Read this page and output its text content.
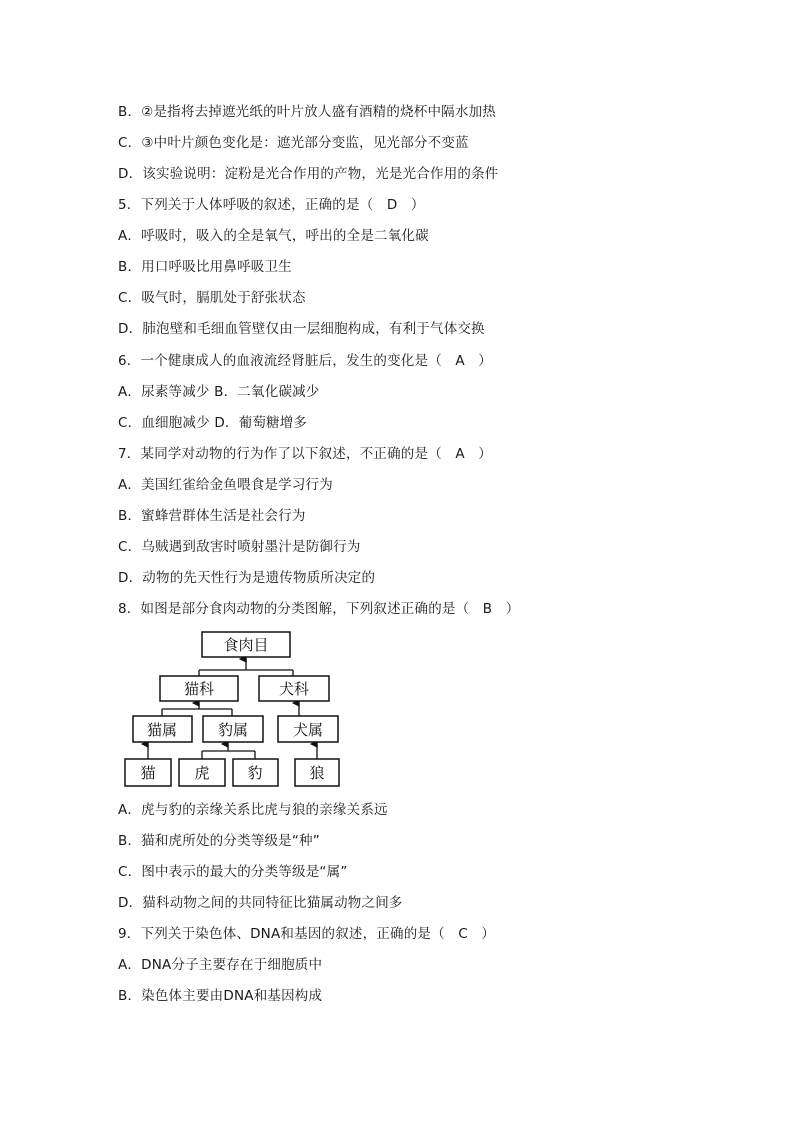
B．②是指将去掉遮光纸的叶片放人盛有酒精的烧杯中隔水加热
C．③中叶片颜色变化是：遮光部分变监，见光部分不变蓝
D．该实验说明：淀粉是光合作用的产物，光是光合作用的条件
5．下列关于人体呼吸的叙述，正确的是（   D   ）
A．呼吸时，吸入的全是氧气，呼出的全是二氧化碳
B．用口呼吸比用鼻呼吸卫生
C．吸气时，膈肌处于舒张状态
D．肺泡壁和毛细血管壁仅由一层细胞构成，有利于气体交换
6．一个健康成人的血液流经肾脏后，发生的变化是（   A   ）
A．尿素等减少 B．二氧化碳减少
C．血细胞减少 D．葡萄糖增多
7．某同学对动物的行为作了以下叙述，不正确的是（   A   ）
A．美国红雀给金鱼喂食是学习行为
B．蜜蜂营群体生活是社会行为
C．乌贼遇到敌害时喷射墨汁是防御行为
D．动物的先天性行为是遗传物质所决定的
8．如图是部分食肉动物的分类图解，下列叙述正确的是（   B   ）
食肉目
猫科	犬科
猫属	豹属	犬属
猫	虎	豹	狼
A．虎与豹的亲缘关系比虎与狼的亲缘关系远
B．猫和虎所处的分类等级是“种”
C．图中表示的最大的分类等级是“属”
D．猫科动物之间的共同特征比猫属动物之间多
9．下列关于染色体、DNA和基因的叙述，正确的是（   C   ）
A．DNA分子主要存在于细胞质中
B．染色体主要由DNA和基因构成
